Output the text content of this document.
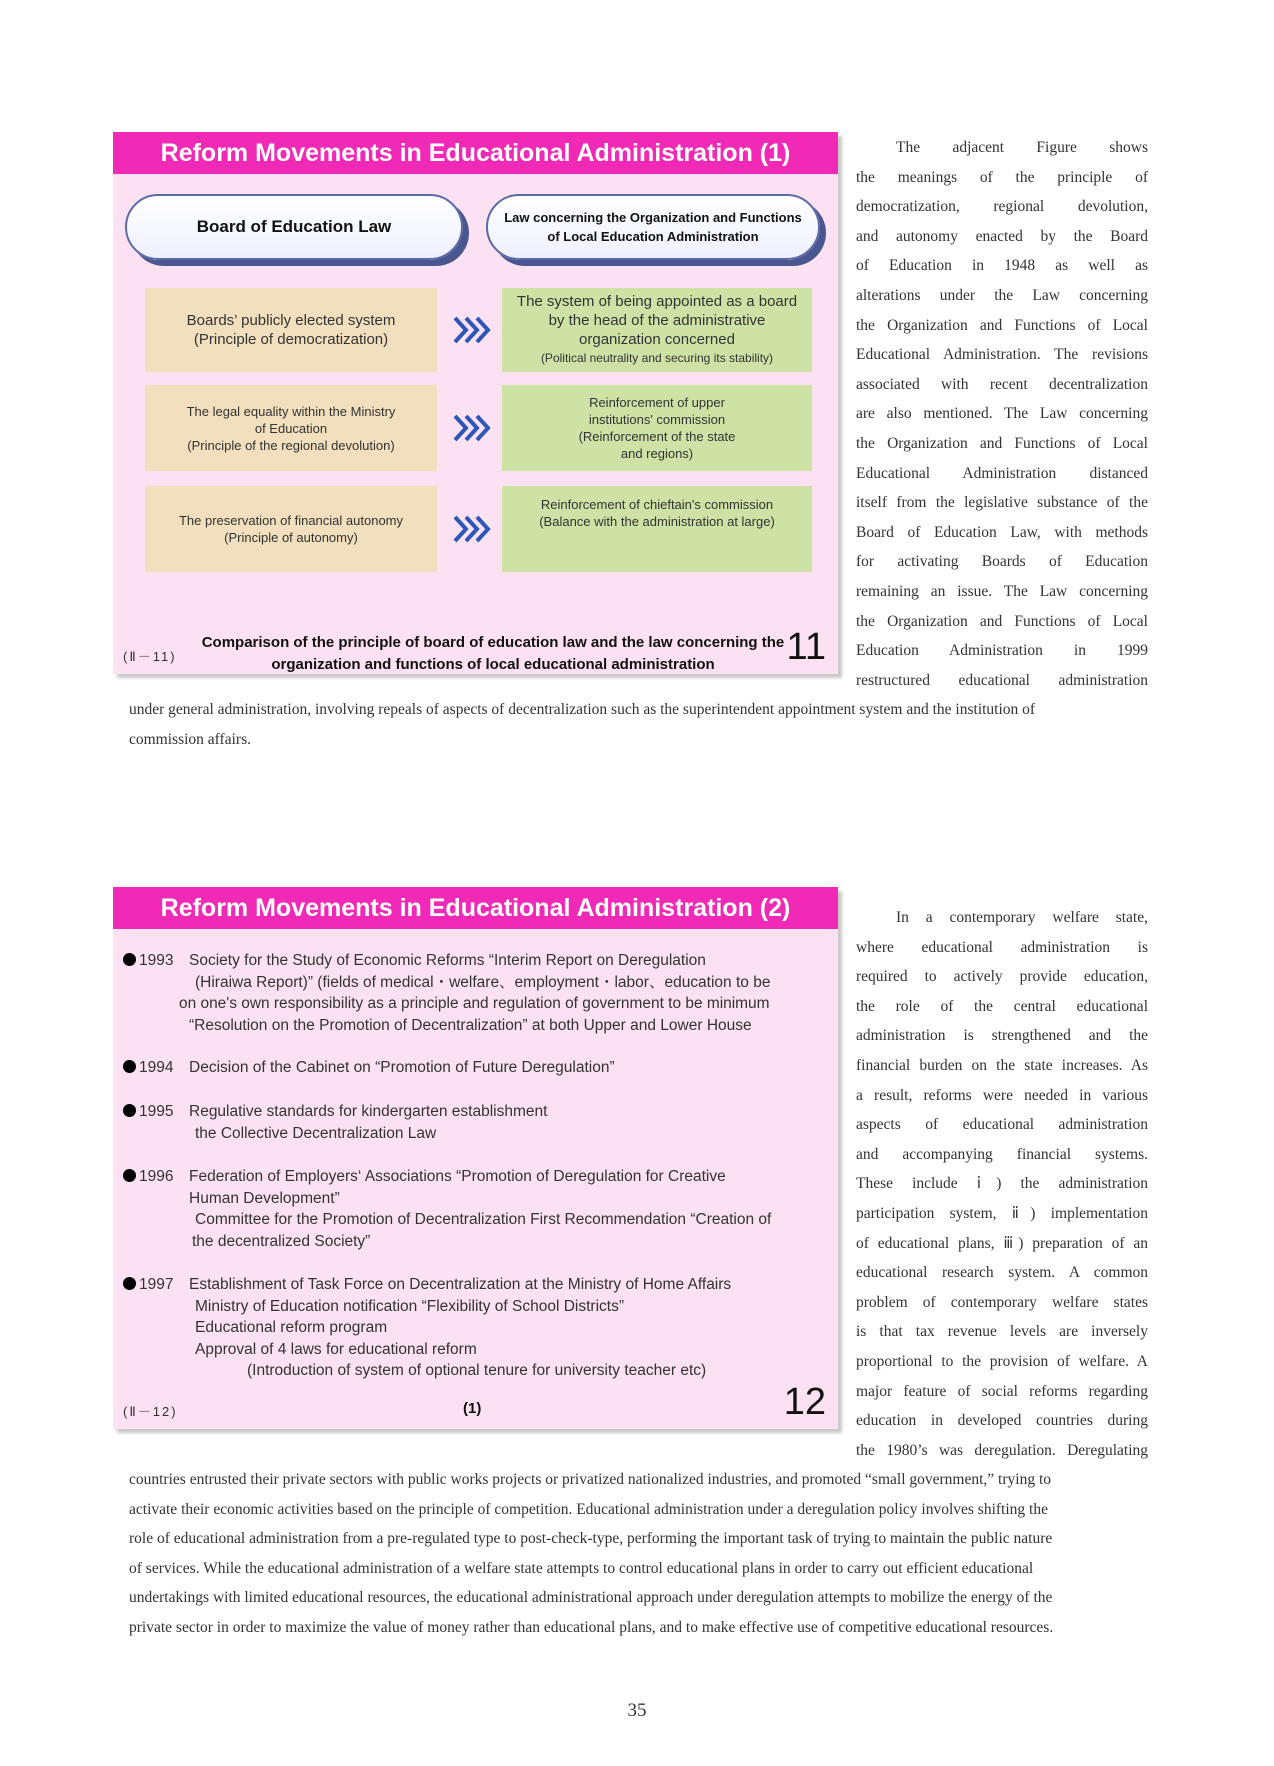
Reform Movements in Educational Administration (1)
Board of Education Law	Law concerning the Organization and Functions
of Local Education Administration
Boards’ publicly elected system
(Principle of democratization)
The system of being appointed as a board
by the head of the administrative
organization concerned
(Political neutrality and securing its stability)
The legal equality within the Ministry
of Education
(Principle of the regional devolution)
Reinforcement of upper
institutions' commission
(Reinforcement of the state
and regions)
The preservation of financial autonomy
(Principle of autonomy)
Reinforcement of chieftain's commission
(Balance with the administration at large)
Comparison of the principle of board of education law and the law concerning the
organization and functions of local educational administration
(Ⅱ－11)	11
The adjacent Figure shows
the meanings of the principle of
democratization, regional devolution,
and autonomy enacted by the Board
of Education in 1948 as well as
alterations under the Law concerning
the Organization and Functions of Local
Educational Administration. The revisions
associated with recent decentralization
are also mentioned. The Law concerning
the Organization and Functions of Local
Educational Administration distanced
itself from the legislative substance of the
Board of Education Law, with methods
for activating Boards of Education
remaining an issue. The Law concerning
the Organization and Functions of Local
Education Administration in 1999
restructured educational administration
under general administration, involving repeals of aspects of decentralization such as the superintendent appointment system and the institution of
commission affairs.
Reform Movements in Educational Administration (2)
1993	Society for the Study of Economic Reforms “Interim Report on Deregulation
(Hiraiwa Report)” (fields of medical・welfare、employment・labor、education to be
on one's own responsibility as a principle and regulation of government to be minimum
“Resolution on the Promotion of Decentralization” at both Upper and Lower House
1994	Decision of the Cabinet on “Promotion of Future Deregulation”
1995	Regulative standards for kindergarten establishment
the Collective Decentralization Law
1996	Federation of Employers‘ Associations “Promotion of Deregulation for Creative
Human Development”
Committee for the Promotion of Decentralization First Recommendation “Creation of
the decentralized Society”
1997	Establishment of Task Force on Decentralization at the Ministry of Home Affairs
Ministry of Education notification “Flexibility of School Districts”
Educational reform program
Approval of 4 laws for educational reform
(Introduction of system of optional tenure for university teacher etc)
(1)
(Ⅱ－12)	12
In a contemporary welfare state,
where educational administration is
required to actively provide education,
the role of the central educational
administration is strengthened and the
financial burden on the state increases. As
a result, reforms were needed in various
aspects of educational administration
and accompanying financial systems.
These include ⅰ) the administration
participation system, ⅱ) implementation
of educational plans, ⅲ) preparation of an
educational research system. A common
problem of contemporary welfare states
is that tax revenue levels are inversely
proportional to the provision of welfare. A
major feature of social reforms regarding
education in developed countries during
the 1980’s was deregulation. Deregulating
countries entrusted their private sectors with public works projects or privatized nationalized industries, and promoted “small government,” trying to
activate their economic activities based on the principle of competition. Educational administration under a deregulation policy involves shifting the
role of educational administration from a pre-regulated type to post-check-type, performing the important task of trying to maintain the public nature
of services. While the educational administration of a welfare state attempts to control educational plans in order to carry out efficient educational
undertakings with limited educational resources, the educational administrational approach under deregulation attempts to mobilize the energy of the
private sector in order to maximize the value of money rather than educational plans, and to make effective use of competitive educational resources.
35
